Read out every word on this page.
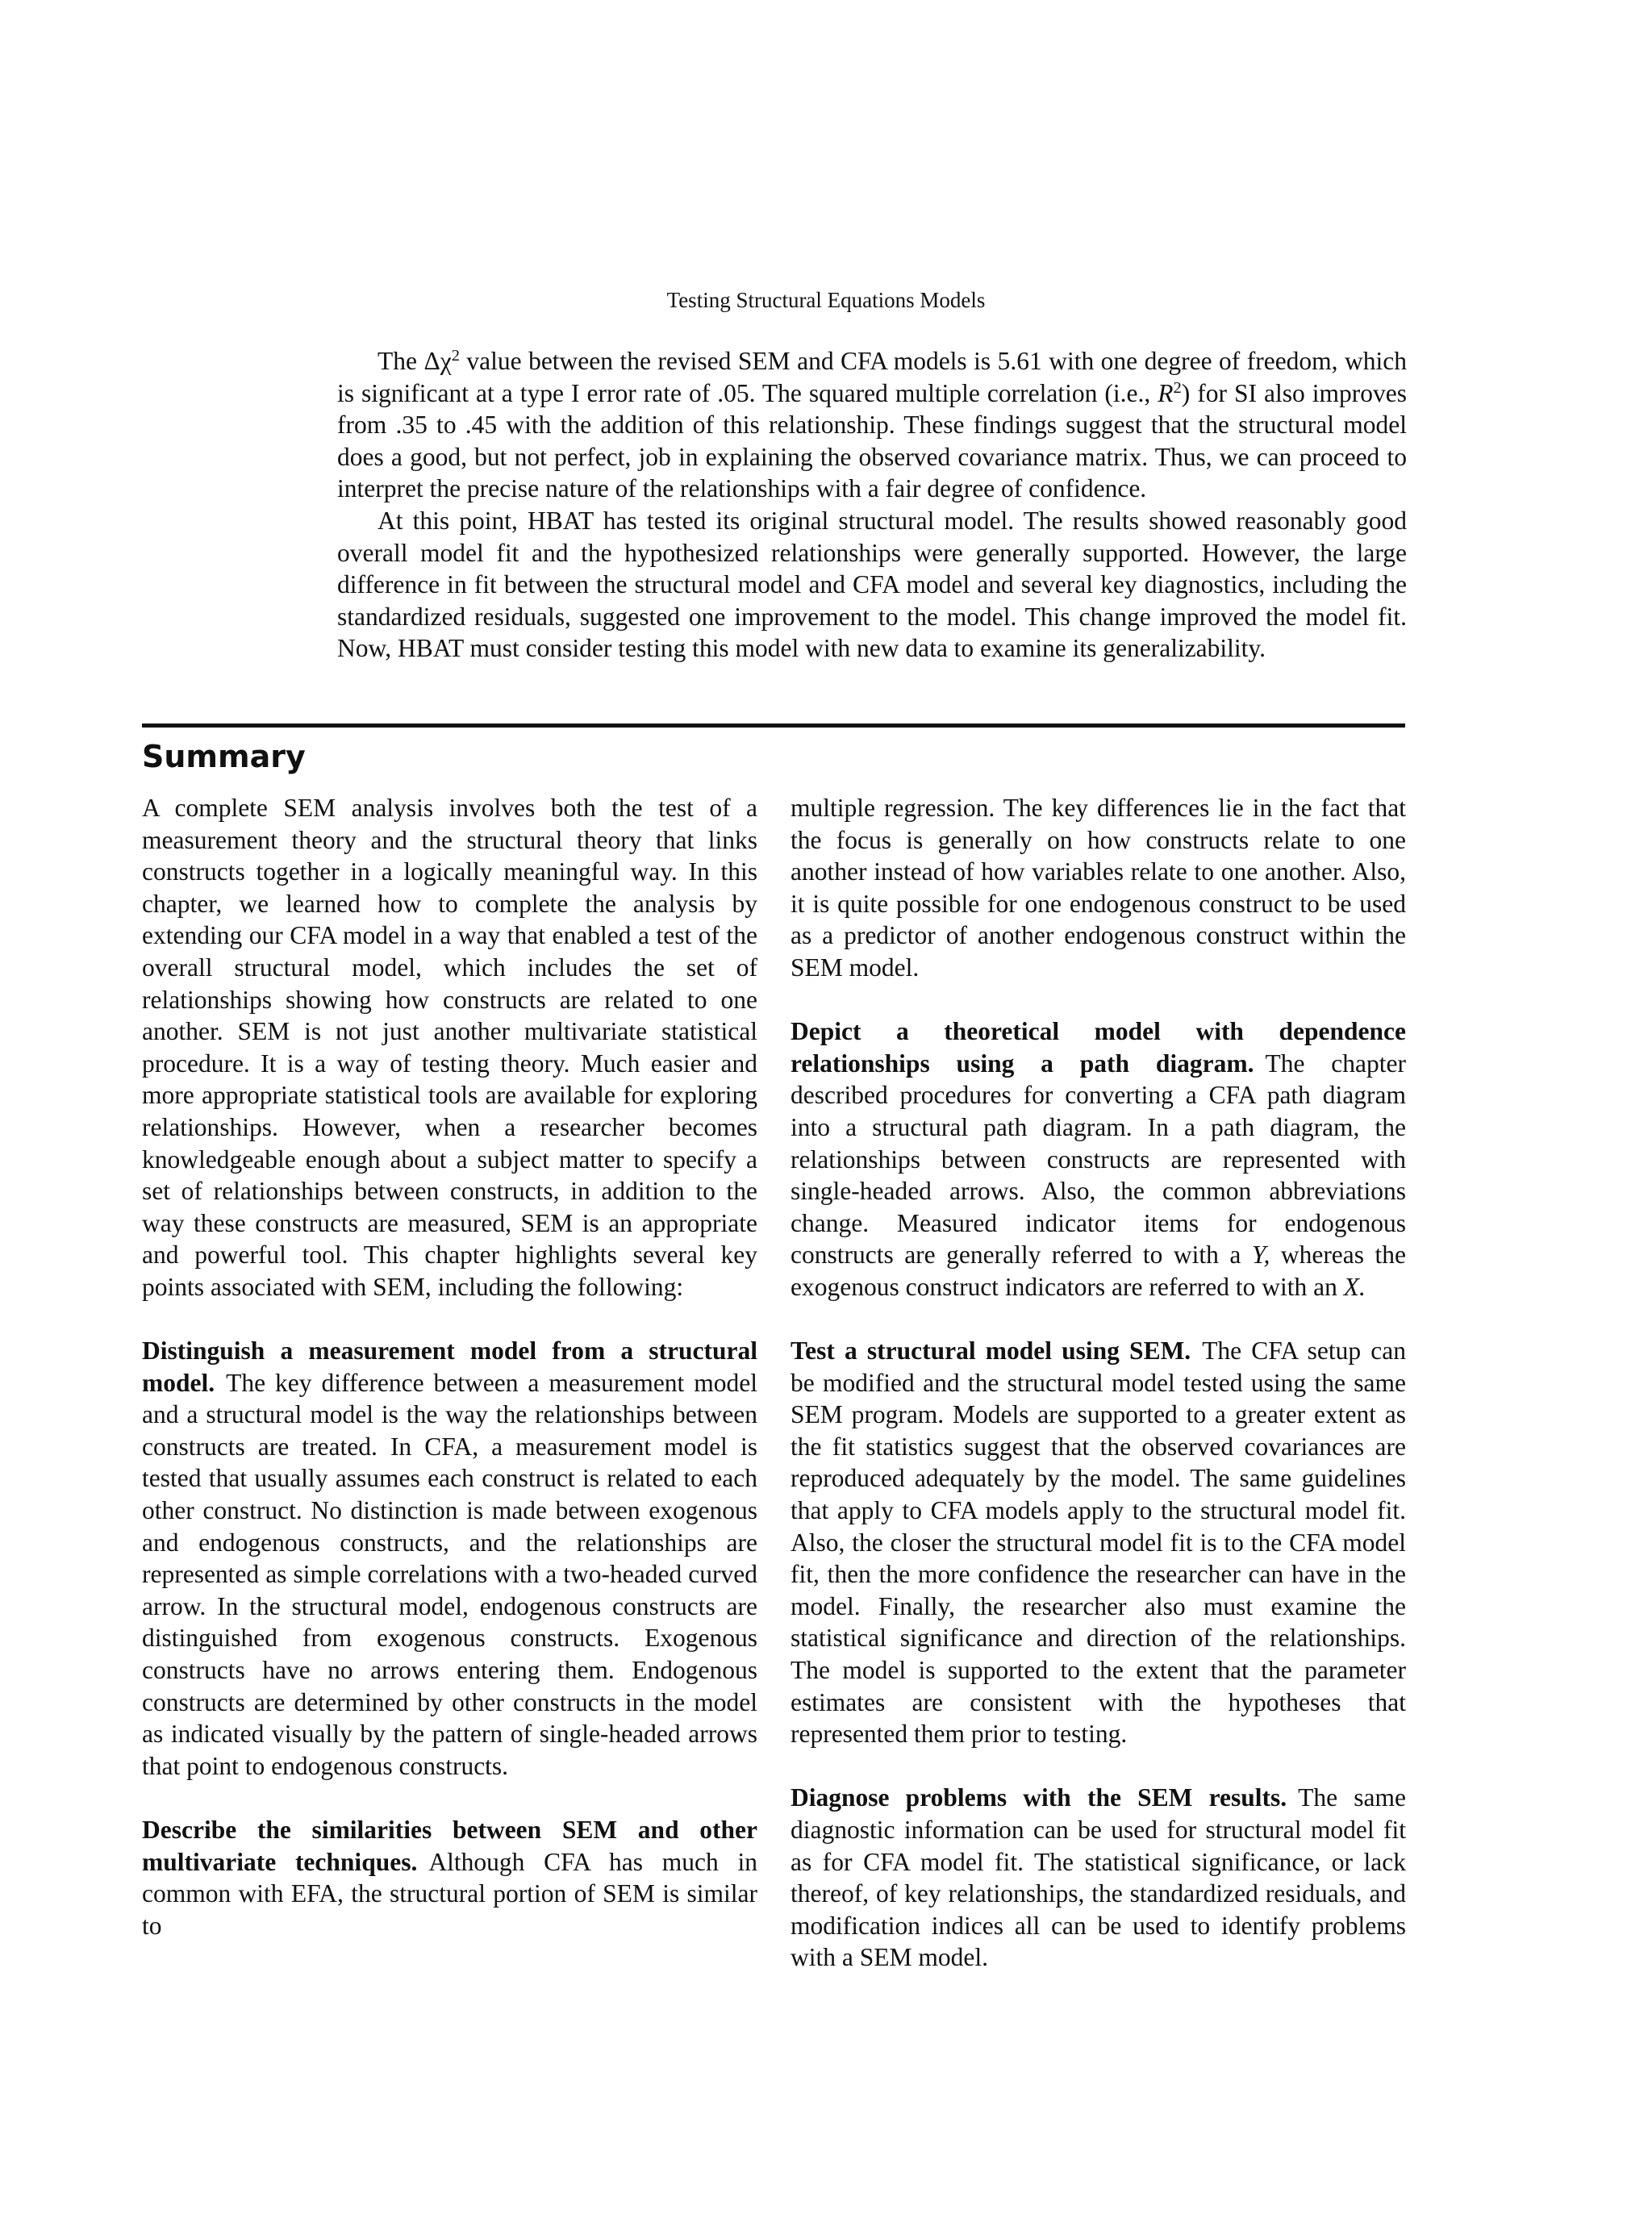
Testing Structural Equations Models

The $\Delta\chi^2$ value between the revised SEM and CFA models is 5.61 with one degree of freedom, which is significant at a type I error rate of .05. The squared multiple correlation (i.e., $R^2$) for SI also improves from .35 to .45 with the addition of this relationship. These findings suggest that the structural model does a good, but not perfect, job in explaining the observed covariance matrix. Thus, we can proceed to interpret the precise nature of the relationships with a fair degree of confidence.

At this point, HBAT has tested its original structural model. The results showed reasonably good overall model fit and the hypothesized relationships were generally supported. However, the large difference in fit between the structural model and CFA model and several key diagnostics, including the standardized residuals, suggested one improvement to the model. This change improved the model fit. Now, HBAT must consider testing this model with new data to examine its generalizability.

Summary

A complete SEM analysis involves both the test of a measurement theory and the structural theory that links constructs together in a logically meaningful way. In this chapter, we learned how to complete the analysis by extending our CFA model in a way that enabled a test of the overall structural model, which includes the set of relationships showing how constructs are related to one another. SEM is not just another multivariate statistical procedure. It is a way of testing theory. Much easier and more appropriate statistical tools are available for exploring relationships. However, when a researcher becomes knowledgeable enough about a subject matter to specify a set of relationships between constructs, in addition to the way these constructs are measured, SEM is an appropriate and powerful tool. This chapter highlights several key points associated with SEM, including the following:

Distinguish a measurement model from a structural model. The key difference between a measurement model and a structural model is the way the relationships between constructs are treated. In CFA, a measurement model is tested that usually assumes each construct is related to each other construct. No distinction is made between exogenous and endogenous constructs, and the relationships are represented as simple correlations with a two-headed curved arrow. In the structural model, endogenous constructs are distinguished from exogenous constructs. Exogenous constructs have no arrows entering them. Endogenous constructs are determined by other constructs in the model as indicated visually by the pattern of single-headed arrows that point to endogenous constructs.

Describe the similarities between SEM and other multivariate techniques. Although CFA has much in common with EFA, the structural portion of SEM is similar to

multiple regression. The key differences lie in the fact that the focus is generally on how constructs relate to one another instead of how variables relate to one another. Also, it is quite possible for one endogenous construct to be used as a predictor of another endogenous construct within the SEM model.

Depict a theoretical model with dependence relationships using a path diagram. The chapter described procedures for converting a CFA path diagram into a structural path diagram. In a path diagram, the relationships between constructs are represented with single-headed arrows. Also, the common abbreviations change. Measured indicator items for endogenous constructs are generally referred to with a Y, whereas the exogenous construct indicators are referred to with an X.

Test a structural model using SEM. The CFA setup can be modified and the structural model tested using the same SEM program. Models are supported to a greater extent as the fit statistics suggest that the observed covariances are reproduced adequately by the model. The same guidelines that apply to CFA models apply to the structural model fit. Also, the closer the structural model fit is to the CFA model fit, then the more confidence the researcher can have in the model. Finally, the researcher also must examine the statistical significance and direction of the relationships. The model is supported to the extent that the parameter estimates are consistent with the hypotheses that represented them prior to testing.

Diagnose problems with the SEM results. The same diagnostic information can be used for structural model fit as for CFA model fit. The statistical significance, or lack thereof, of key relationships, the standardized residuals, and modification indices all can be used to identify problems with a SEM model.
